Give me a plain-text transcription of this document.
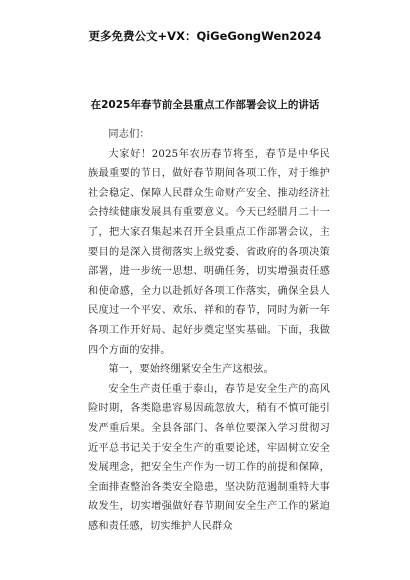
更多免费公文+VX：QiGeGongWen2024
在2025年春节前全县重点工作部署会议上的讲话

同志们：

大家好！2025年农历春节将至，春节是中华民族最重要的节日，做好春节期间各项工作，对于维护社会稳定、保障人民群众生命财产安全、推动经济社会持续健康发展具有重要意义。今天已经腊月二十一了，把大家召集起来召开全县重点工作部署会议，主要目的是深入贯彻落实上级党委、省政府的各项决策部署，进一步统一思想、明确任务，切实增强责任感和使命感，全力以赴抓好各项工作落实，确保全县人民度过一个平安、欢乐、祥和的春节，同时为新一年各项工作开好局、起好步奠定坚实基础。下面，我做四个方面的安排。

第一，要始终绷紧安全生产这根弦。

安全生产责任重于泰山，春节是安全生产的高风险时期，各类隐患容易因疏忽放大，稍有不慎可能引发严重后果。全县各部门、各单位要深入学习贯彻习近平总书记关于安全生产的重要论述，牢固树立安全发展理念，把安全生产作为一切工作的前提和保障，全面排查整治各类安全隐患，坚决防范遏制重特大事故发生，切实增强做好春节期间安全生产工作的紧迫感和责任感，切实维护人民群众
